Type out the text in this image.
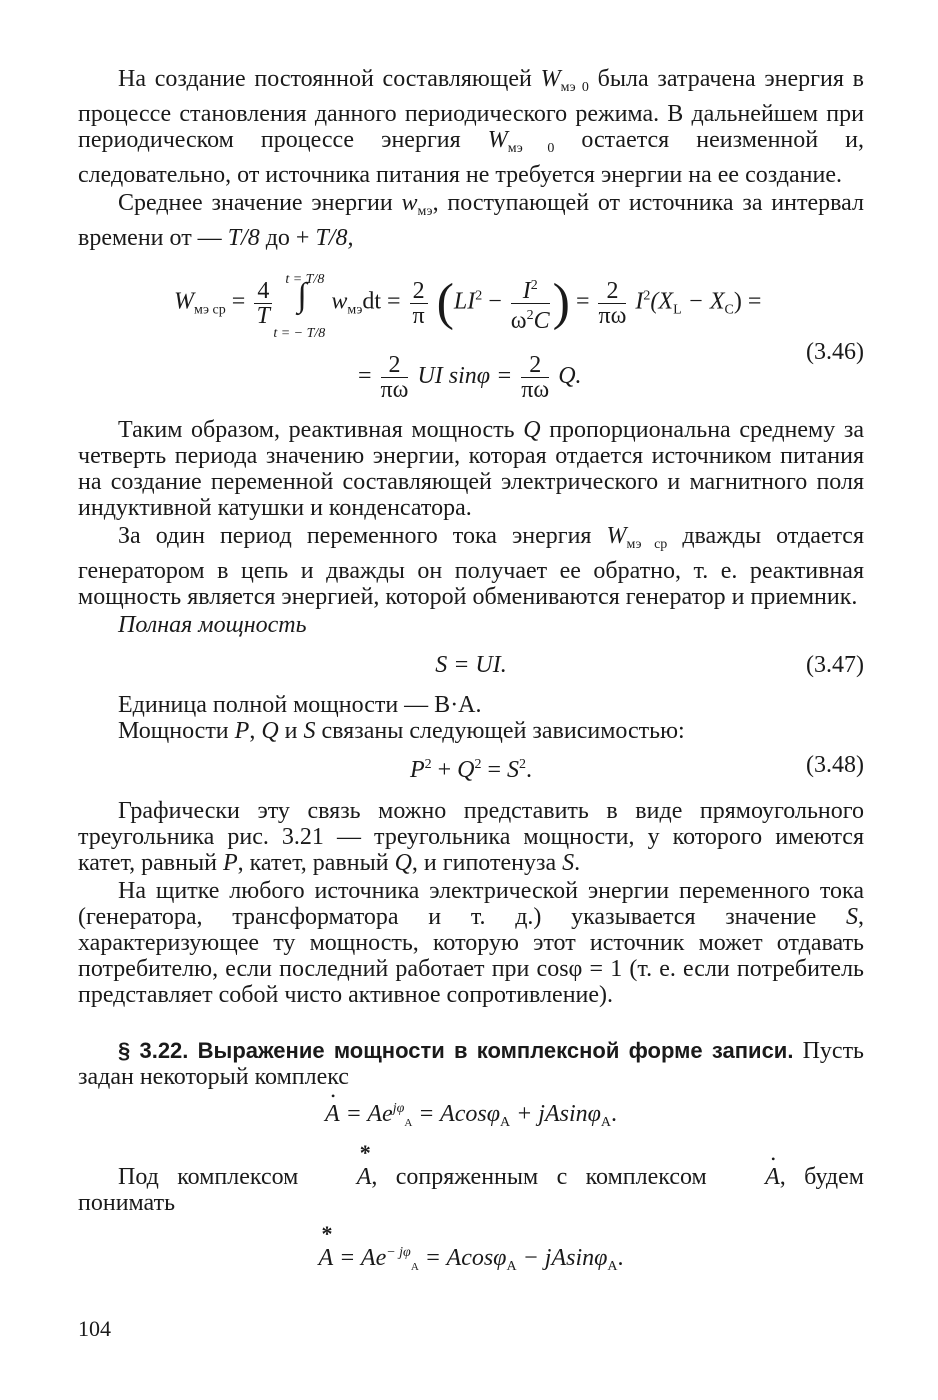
На создание постоянной составляющей $W_{мэ 0}$ была затрачена энергия в процессе становления данного периодического режима. В дальнейшем при периодическом процессе энергия $W_{мэ 0}$ остается неизменной и, следовательно, от источника питания не требуется энергии на ее создание.

Среднее значение энергии $w_{мэ}$, поступающей от источника за интервал времени от — T/8 до + T/8,

$W_{мэ ср} = \frac{4}{T}$
t = T/8
∫
t = − T/8
$w_{мэ}dt = \frac{2}{\pi} (LI^2 - \frac{I^2}{\omega^2C}$ ) = $\frac{2}{\pi\omega} I^2(X_L - X_C)$ =
= $\frac{2}{\pi\omega}$ UI $\sin\varphi = \frac{2}{\pi\omega} Q$.
(3.46)

Таким образом, реактивная мощность Q пропорциональна среднему за четверть периода значению энергии, которая отдается источником питания на создание переменной составляющей электрического и магнитного поля индуктивной катушки и конденсатора.

За один период переменного тока энергия $W_{мэ ср}$ дважды отдается генератором в цепь и дважды он получает ее обратно, т. е. реактивная мощность является энергией, которой обмениваются генератор и приемник.

Полная мощность

S = UI.	(3.47)

Единица полной мощности — В·А.

Мощности P, Q и S связаны следующей зависимостью:

$P^2 + Q^2 = S^2$.	(3.48)

Графически эту связь можно представить в виде прямоугольного треугольника рис. 3.21 — треугольника мощности, у которого имеются катет, равный P, катет, равный Q, и гипотенуза S.

На щитке любого источника электрической энергии переменного тока (генератора, трансформатора и т. д.) указывается значение S, характеризующее ту мощность, которую этот источник может отдавать потребителю, если последний работает при cosφ = 1 (т. е. если потребитель представляет собой чисто активное сопротивление).

§ 3.22. Выражение мощности в комплексной форме записи. Пусть задан некоторый комплекс

A • = $Ae^{j\varphi}_A = Acos\varphi_A + jAsin\varphi_A$.

Под комплексом A *, сопряженным с комплексом A •, будем понимать

A * = $Ae^{- j\varphi}_A = Acos\varphi_A - jAsin\varphi_A$.
104
